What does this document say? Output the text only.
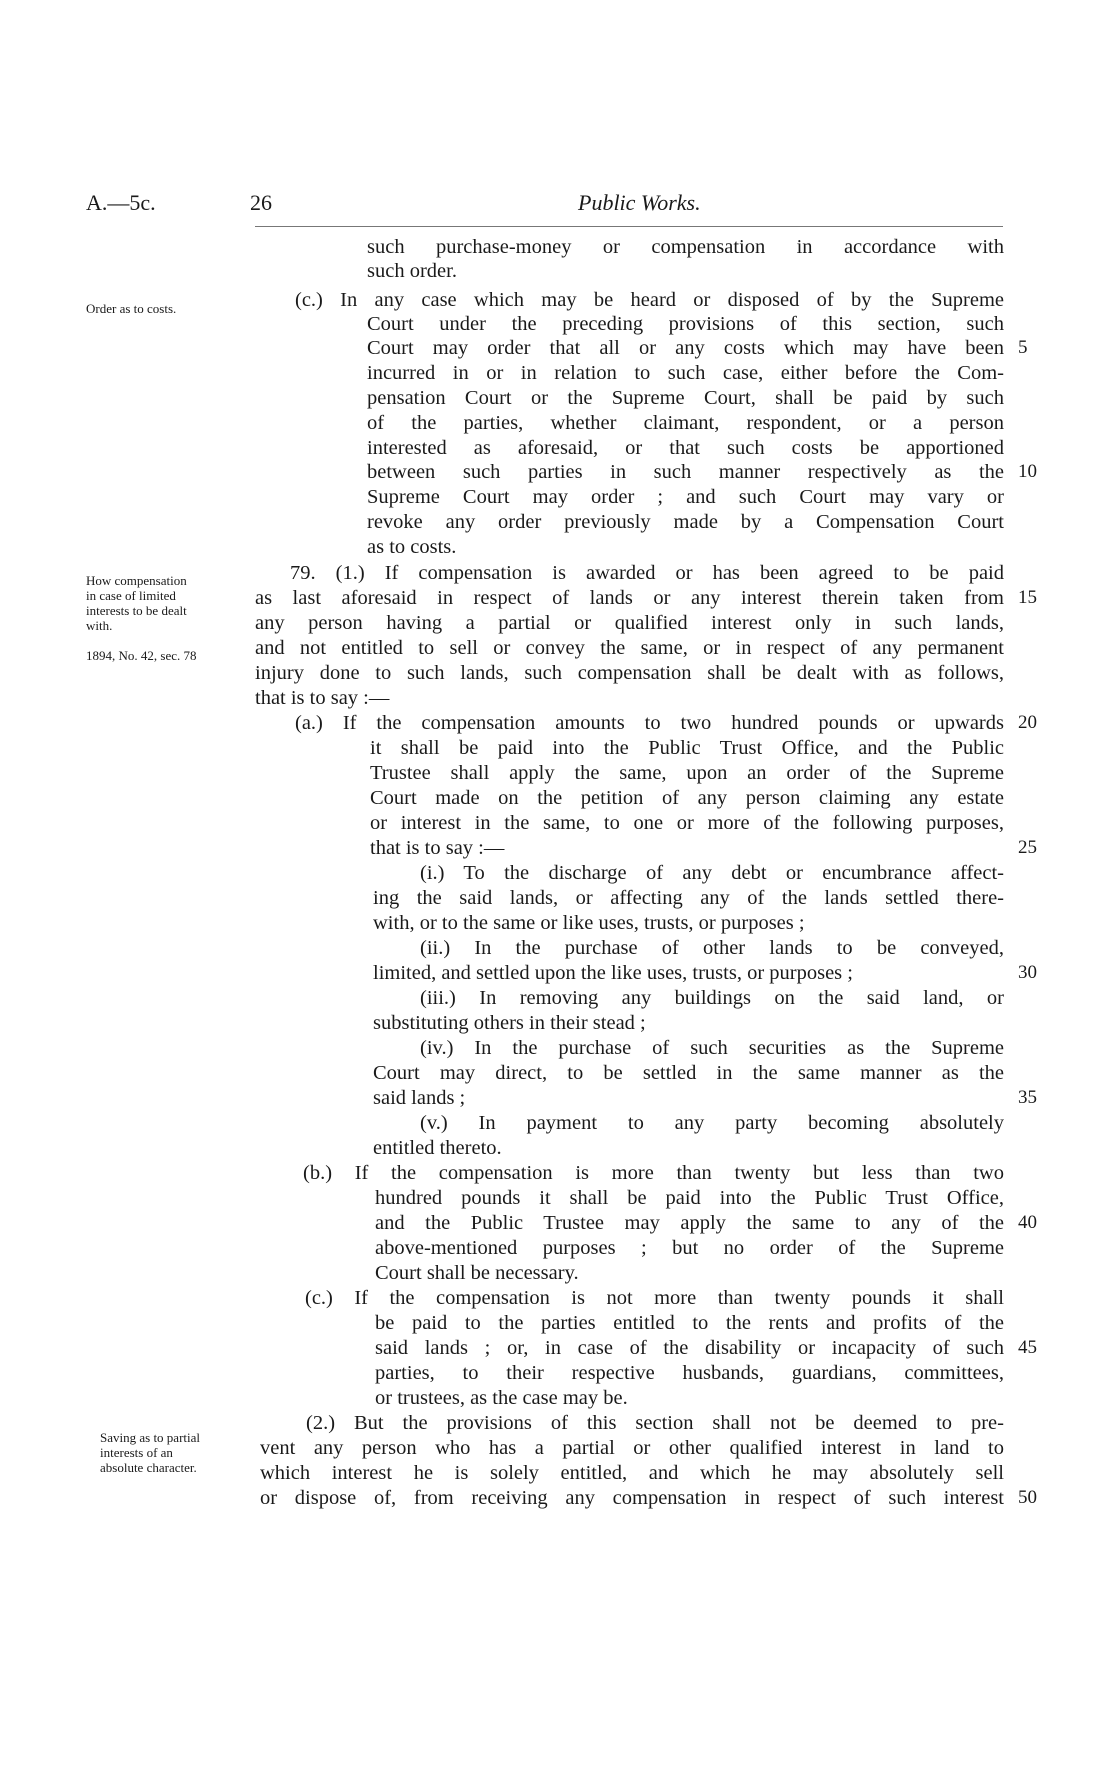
A.—5c.	26	Public Works.
Order as to costs.
How compensation
in case of limited
interests to be dealt
with.
1894, No. 42, sec. 78
Saving as to partial
interests of an
absolute character.
such purchase-money or compensation in accordance with
such order.
(c.) In any case which may be heard or disposed of by the Supreme
Court under the preceding provisions of this section, such
Court may order that all or any costs which may have been
incurred in or in relation to such case, either before the Com-
pensation Court or the Supreme Court, shall be paid by such
of the parties, whether claimant, respondent, or a person
interested as aforesaid, or that such costs be apportioned
between such parties in such manner respectively as the
Supreme Court may order ; and such Court may vary or
revoke any order previously made by a Compensation Court
as to costs.
79. (1.) If compensation is awarded or has been agreed to be paid
as last aforesaid in respect of lands or any interest therein taken from
any person having a partial or qualified interest only in such lands,
and not entitled to sell or convey the same, or in respect of any permanent
injury done to such lands, such compensation shall be dealt with as follows,
that is to say :—
(a.) If the compensation amounts to two hundred pounds or upwards
it shall be paid into the Public Trust Office, and the Public
Trustee shall apply the same, upon an order of the Supreme
Court made on the petition of any person claiming any estate
or interest in the same, to one or more of the following purposes,
that is to say :—
(i.) To the discharge of any debt or encumbrance affect-
ing the said lands, or affecting any of the lands settled there-
with, or to the same or like uses, trusts, or purposes ;
(ii.) In the purchase of other lands to be conveyed,
limited, and settled upon the like uses, trusts, or purposes ;
(iii.) In removing any buildings on the said land, or
substituting others in their stead ;
(iv.) In the purchase of such securities as the Supreme
Court may direct, to be settled in the same manner as the
said lands ;
(v.) In payment to any party becoming absolutely
entitled thereto.
(b.) If the compensation is more than twenty but less than two
hundred pounds it shall be paid into the Public Trust Office,
and the Public Trustee may apply the same to any of the
above-mentioned purposes ; but no order of the Supreme
Court shall be necessary.
(c.) If the compensation is not more than twenty pounds it shall
be paid to the parties entitled to the rents and profits of the
said lands ; or, in case of the disability or incapacity of such
parties, to their respective husbands, guardians, committees,
or trustees, as the case may be.
(2.) But the provisions of this section shall not be deemed to pre-
vent any person who has a partial or other qualified interest in land to
which interest he is solely entitled, and which he may absolutely sell
or dispose of, from receiving any compensation in respect of such interest
5
10
15
20
25
30
35
40
45
50
